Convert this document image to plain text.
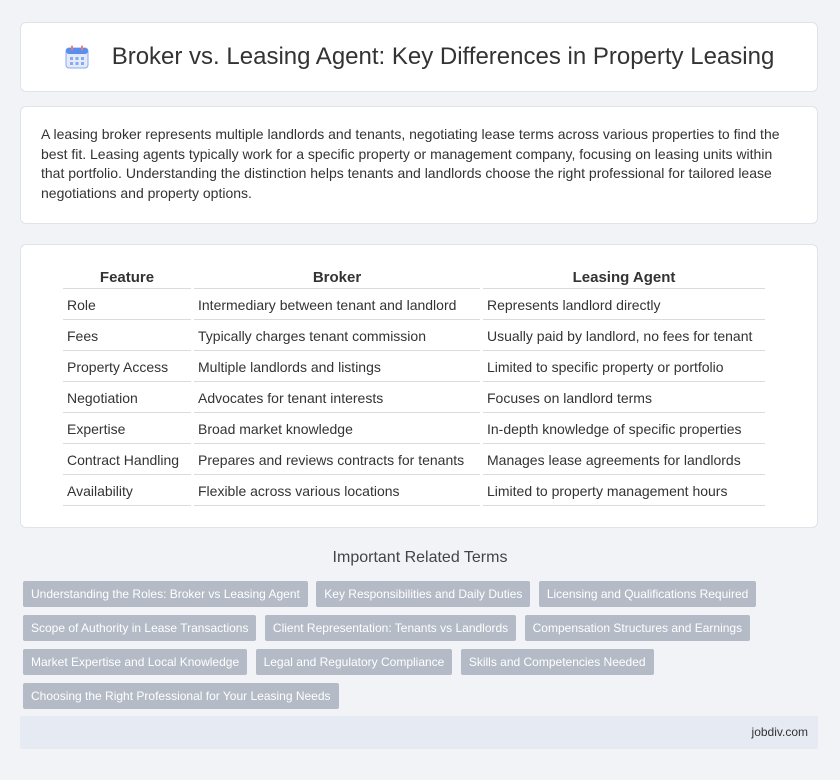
Broker vs. Leasing Agent: Key Differences in Property Leasing

A leasing broker represents multiple landlords and tenants, negotiating lease terms across various properties to find the best fit. Leasing agents typically work for a specific property or management company, focusing on leasing units within that portfolio. Understanding the distinction helps tenants and landlords choose the right professional for tailored lease negotiations and property options.

Feature	Broker	Leasing Agent
Role	Intermediary between tenant and landlord	Represents landlord directly
Fees	Typically charges tenant commission	Usually paid by landlord, no fees for tenant
Property Access	Multiple landlords and listings	Limited to specific property or portfolio
Negotiation	Advocates for tenant interests	Focuses on landlord terms
Expertise	Broad market knowledge	In-depth knowledge of specific properties
Contract Handling	Prepares and reviews contracts for tenants	Manages lease agreements for landlords
Availability	Flexible across various locations	Limited to property management hours
Important Related Terms
Understanding the Roles: Broker vs Leasing Agent Key Responsibilities and Daily Duties Licensing and Qualifications Required Scope of Authority in Lease Transactions Client Representation: Tenants vs Landlords Compensation Structures and Earnings Market Expertise and Local Knowledge Legal and Regulatory Compliance Skills and Competencies Needed Choosing the Right Professional for Your Leasing Needs
jobdiv.com
